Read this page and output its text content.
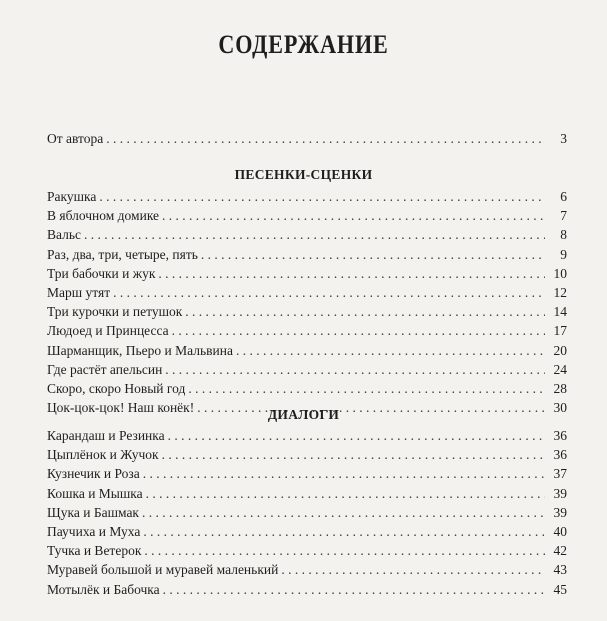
СОДЕРЖАНИЕ
От автора . . .	3
ПЕСЕНКИ-СЦЕНКИ
Ракушка . . .	6
В яблочном домике . . .	7
Вальс . . .	8
Раз, два, три, четыре, пять . . .	9
Три бабочки и жук . . .	10
Марш утят . . .	12
Три курочки и петушок . . .	14
Людоед и Принцесса . . .	17
Шарманщик, Пьеро и Мальвина . . .	20
Где растёт апельсин . . .	24
Скоро, скоро Новый год . . .	28
Цок-цок-цок! Наш конёк! . . .	30
ДИАЛОГИ
Карандаш и Резинка . . .	36
Цыплёнок и Жучок . . .	36
Кузнечик и Роза . . .	37
Кошка и Мышка . . .	39
Щука и Башмак . . .	39
Паучиха и Муха . . .	40
Тучка и Ветерок . . .	42
Муравей большой и муравей маленький . . .	43
Мотылёк и Бабочка . . .	45
